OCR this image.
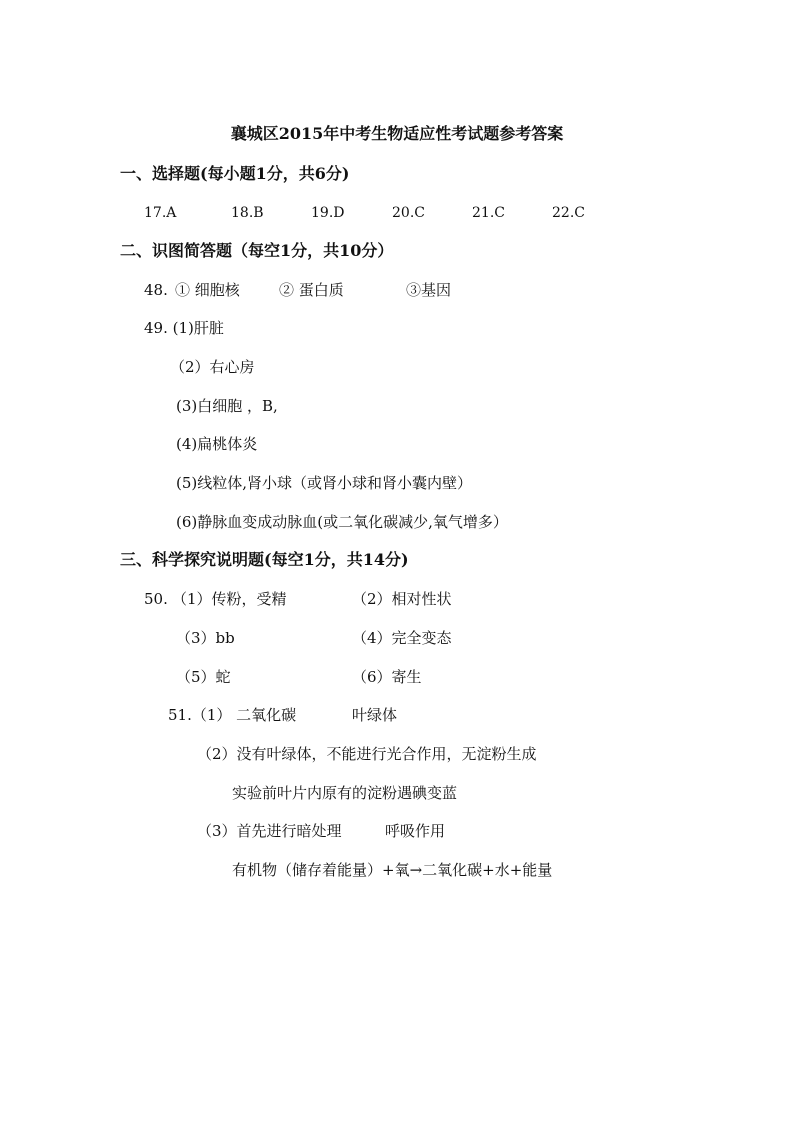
襄城区2015年中考生物适应性考试题参考答案
一、选择题(每小题1分，共6分)
17.A	18.B	19.D	20.C	21.C	22.C
二、识图简答题（每空1分，共10分）
48. ① 细胞核	② 蛋白质	③基因
49. (1)肝脏
（2）右心房
(3)白细胞 ，B,
(4)扁桃体炎
(5)线粒体,肾小球（或肾小球和肾小囊内壁）
(6)静脉血变成动脉血(或二氧化碳减少,氧气增多）
三、科学探究说明题(每空1分，共14分)
50. （1）传粉，受精	（2）相对性状
（3）bb	（4）完全变态
（5）蛇	（6）寄生
51.（1） 二氧化碳	叶绿体
（2）没有叶绿体，不能进行光合作用，无淀粉生成
实验前叶片内原有的淀粉遇碘变蓝
（3）首先进行暗处理	呼吸作用
有机物（储存着能量）+氧→二氧化碳+水+能量
